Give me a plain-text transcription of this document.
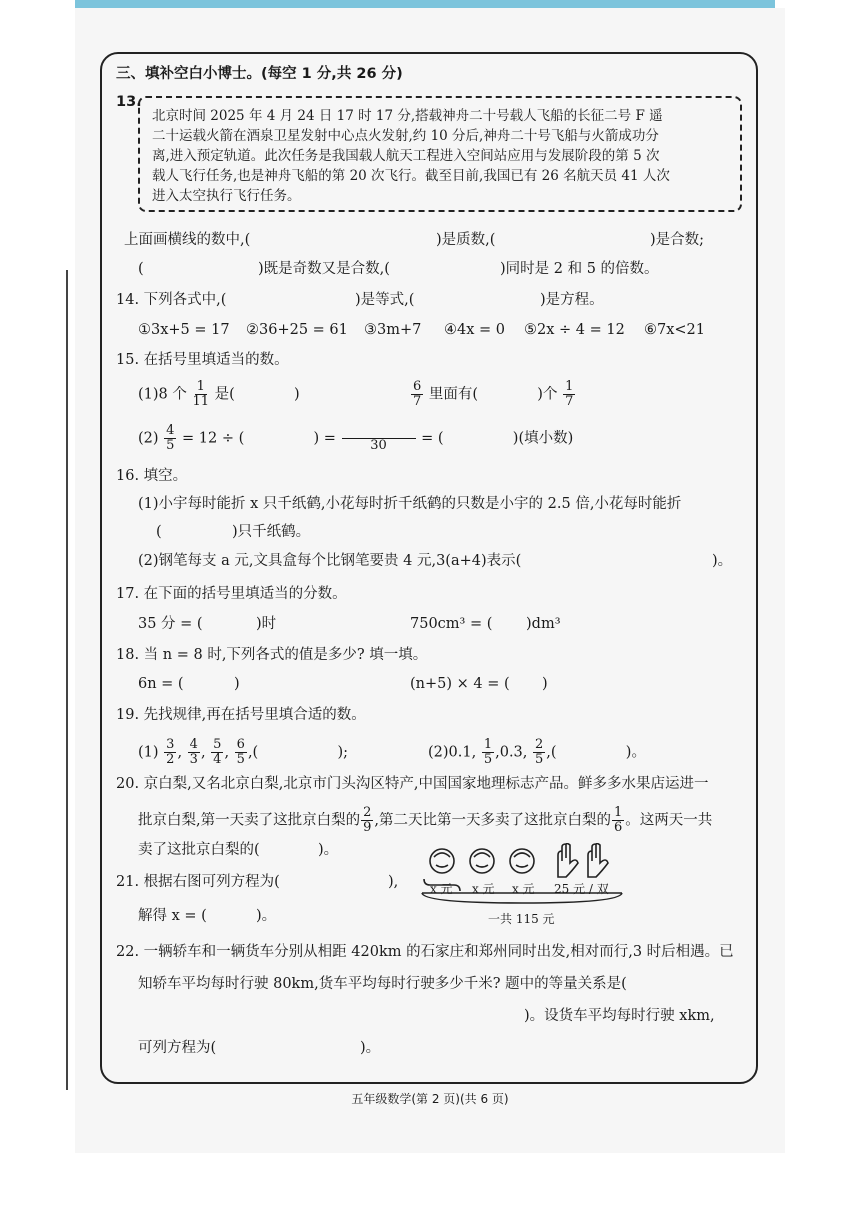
三、填补空白小博士。(每空 1 分,共 26 分)
13.
北京时间 2025 年 4 月 24 日 17 时 17 分,搭载神舟二十号载人飞船的长征二号 F 遥
二十运载火箭在酒泉卫星发射中心点火发射,约 10 分后,神舟二十号飞船与火箭成功分
离,进入预定轨道。此次任务是我国载人航天工程进入空间站应用与发展阶段的第 5 次
载人飞行任务,也是神舟飞船的第 20 次飞行。截至目前,我国已有 26 名航天员 41 人次
进入太空执行飞行任务。
上面画横线的数中,(	)是质数,(	)是合数;
(	)既是奇数又是合数,(	)同时是 2 和 5 的倍数。
14. 下列各式中,(	)是等式,(	)是方程。
①3x+5 = 17 ②36+25 = 61 ③3m+7 ④4x = 0 ⑤2x ÷ 4 = 12 ⑥7x<21
15. 在括号里填适当的数。
(1)8 个 $\frac{1}{11}$ 是(	)	$\frac{6}{7}$ 里面有(	)个 $\frac{1}{7}$
$(2) \frac{4}{5} = 12$ ÷ (	) =	30 = (	)(填小数)
16. 填空。
(1)小宇每时能折 x 只千纸鹤,小花每时折千纸鹤的只数是小宇的 2.5 倍,小花每时能折
(	)只千纸鹤。
(2)钢笔每支 a 元,文具盒每个比钢笔要贵 4 元,3(a+4)表示(	)。
17. 在下面的括号里填适当的分数。
35 分 = (	)时	750cm³ = ( )dm³
18. 当 n = 8 时,下列各式的值是多少? 填一填。
6n = (	)	(n+5) × 4 = ( )
19. 先找规律,再在括号里填合适的数。
$(1) \frac{3}{2}$ , $\frac{4}{3}$ , $\frac{5}{4}$ , $\frac{6}{5}$ ,(	);	(2)0.1, $\frac{1}{5} ,0.3$, $\frac{2}{5}$ ,(	)。
20. 京白梨,又名北京白梨,北京市门头沟区特产,中国国家地理标志产品。鲜多多水果店运进一
批京白梨,第一天卖了这批京白梨的 $\frac{2}{9}$ ,第二天比第一天多卖了这批京白梨的 $\frac{1}{6}$ 。这两天一共
卖了这批京白梨的(	)。
21. 根据右图可列方程为(	),
解得 x = (	)。
x 元 x 元 x 元 25 元 / 双
一共 115 元
22. 一辆轿车和一辆货车分别从相距 420km 的石家庄和郑州同时出发,相对而行,3 时后相遇。已
知轿车平均每时行驶 80km,货车平均每时行驶多少千米? 题中的等量关系是(
)。设货车平均每时行驶 xkm,
可列方程为(	)。
五年级数学(第 2 页)(共 6 页)
